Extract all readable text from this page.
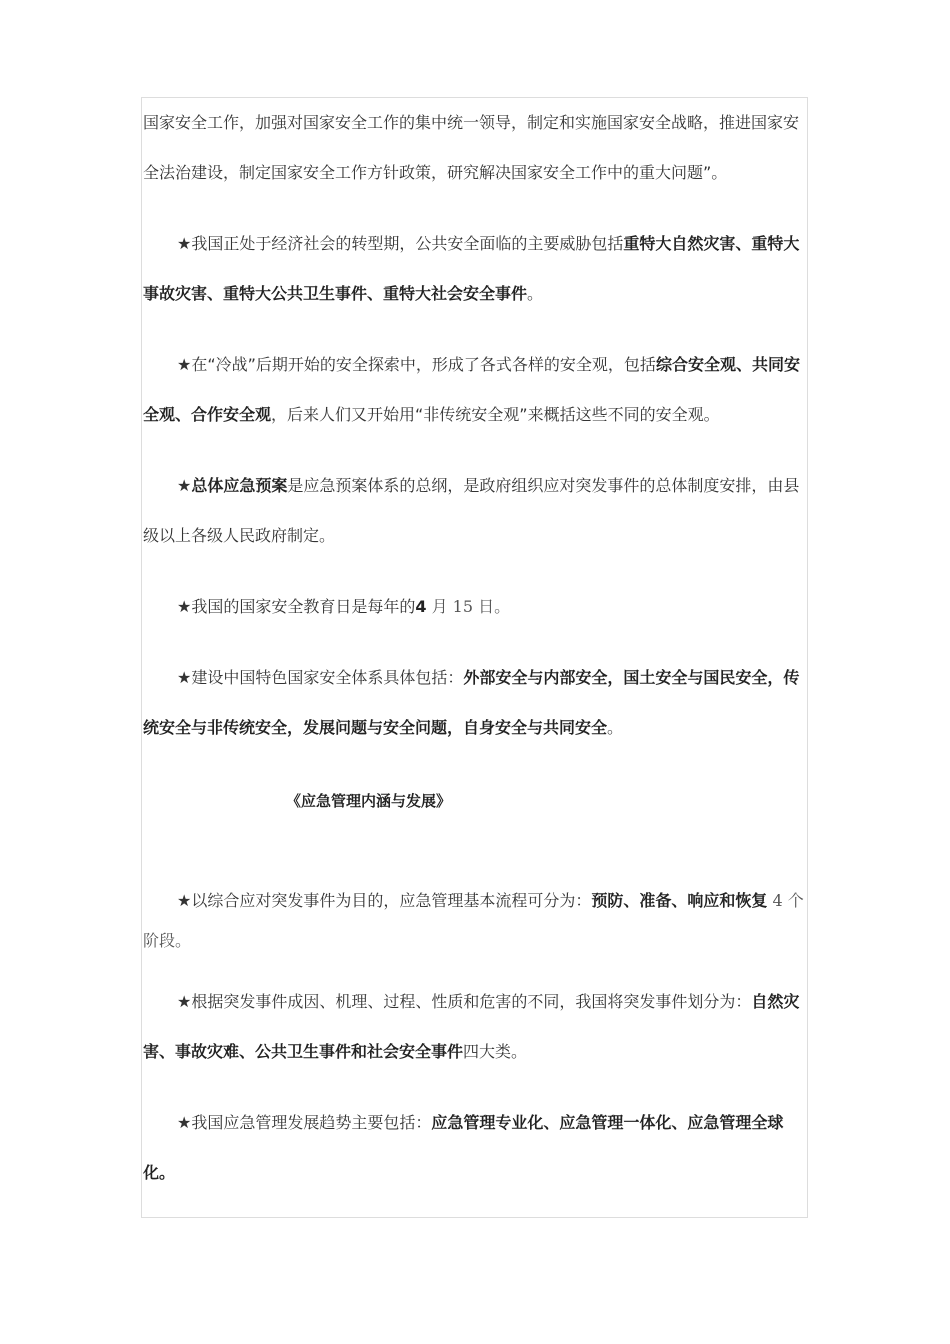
国家安全工作，加强对国家安全工作的集中统一领导，制定和实施国家安全战略，推进国家安全法治建设，制定国家安全工作方针政策，研究解决国家安全工作中的重大问题”。

★我国正处于经济社会的转型期，公共安全面临的主要威胁包括重特大自然灾害、重特大事故灾害、重特大公共卫生事件、重特大社会安全事件。

★在“冷战”后期开始的安全探索中，形成了各式各样的安全观，包括综合安全观、共同安全观、合作安全观，后来人们又开始用“非传统安全观”来概括这些不同的安全观。

★总体应急预案是应急预案体系的总纲，是政府组织应对突发事件的总体制度安排，由县级以上各级人民政府制定。

★我国的国家安全教育日是每年的4 月 15 日。

★建设中国特色国家安全体系具体包括：外部安全与内部安全，国土安全与国民安全，传统安全与非传统安全，发展问题与安全问题，自身安全与共同安全。

《应急管理内涵与发展》

★以综合应对突发事件为目的，应急管理基本流程可分为：预防、准备、响应和恢复 4 个阶段。

★根据突发事件成因、机理、过程、性质和危害的不同，我国将突发事件划分为：自然灾害、事故灾难、公共卫生事件和社会安全事件四大类。

★我国应急管理发展趋势主要包括：应急管理专业化、应急管理一体化、应急管理全球化。
